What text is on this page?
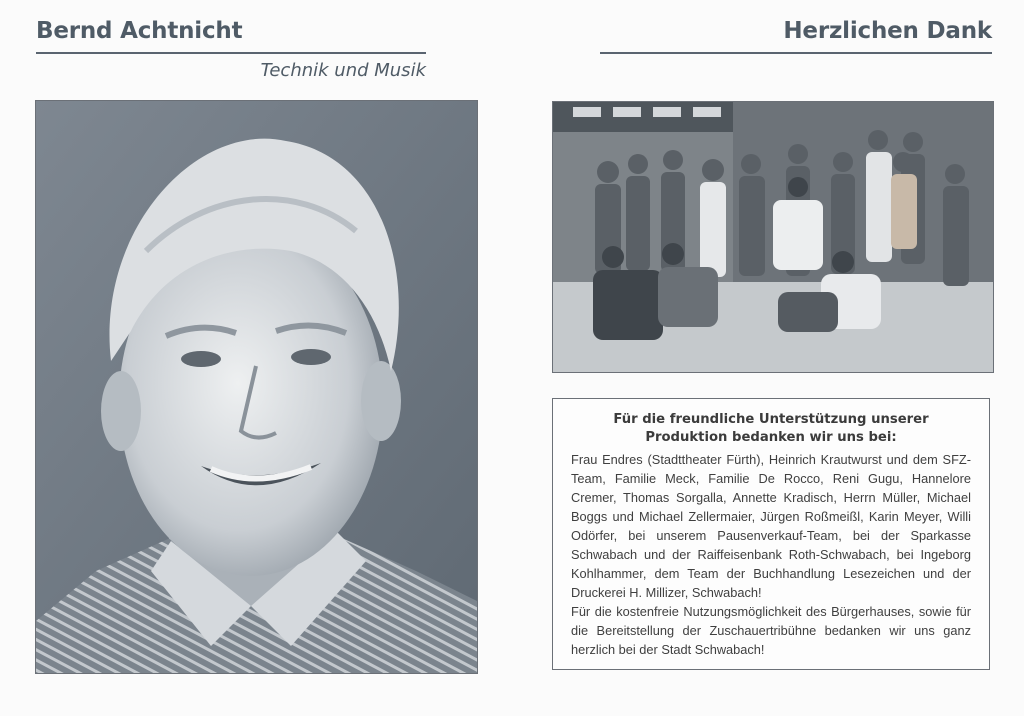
Bernd Achtnicht
Technik und Musik
Herzlichen Dank

Für die freundliche Unterstützung unserer Produktion bedanken wir uns bei:

Frau Endres (Stadttheater Fürth), Heinrich Krautwurst und dem SFZ-Team, Familie Meck, Familie De Rocco, Reni Gugu, Hannelore Cremer, Thomas Sorgalla, Annette Kradisch, Herrn Müller, Michael Boggs und Michael Zellermaier, Jürgen Roßmeißl, Karin Meyer, Willi Odörfer, bei unserem Pausenverkauf-Team, bei der Sparkasse Schwabach und der Raiffeisenbank Roth-Schwabach, bei Ingeborg Kohlhammer, dem Team der Buchhandlung Lesezeichen und der Druckerei H. Millizer, Schwabach!

Für die kostenfreie Nutzungsmöglichkeit des Bürgerhauses, sowie für die Bereitstellung der Zuschauertribühne bedanken wir uns ganz herzlich bei der Stadt Schwabach!
